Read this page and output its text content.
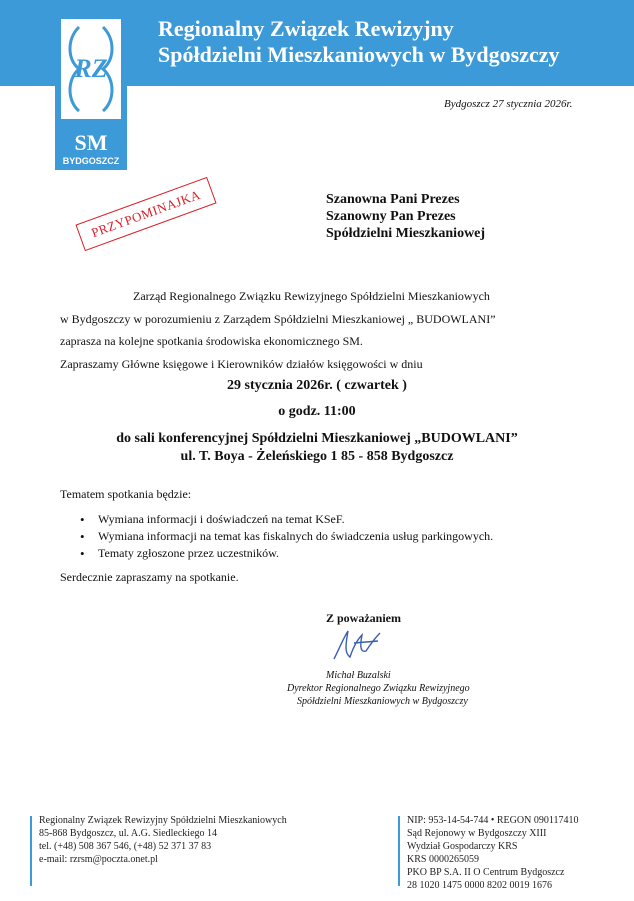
RZ
SM
BYDGOSZCZ
Regionalny Związek Rewizyjny
Spółdzielni Mieszkaniowych w Bydgoszczy
Bydgoszcz 27 stycznia 2026r.
PRZYPOMINAJKA	Szanowna Pani Prezes
Szanowny Pan Prezes
Spółdzielni Mieszkaniowej
Zarząd Regionalnego Związku Rewizyjnego Spółdzielni Mieszkaniowych
w Bydgoszczy w porozumieniu z Zarządem Spółdzielni Mieszkaniowej „ BUDOWLANI”
zaprasza na kolejne spotkania środowiska ekonomicznego SM.
Zapraszamy Główne księgowe i Kierowników działów księgowości w dniu
29 stycznia 2026r. ( czwartek )
o godz. 11:00
do sali konferencyjnej Spółdzielni Mieszkaniowej „BUDOWLANI”
ul. T. Boya - Żeleńskiego 1 85 - 858 Bydgoszcz
Tematem spotkania będzie:
• Wymiana informacji i doświadczeń na temat KSeF.
• Wymiana informacji na temat kas fiskalnych do świadczenia usług parkingowych.
• Tematy zgłoszone przez uczestników.
Serdecznie zapraszamy na spotkanie.
Z poważaniem
Michał Buzalski
Dyrektor Regionalnego Związku Rewizyjnego
Spółdzielni Mieszkaniowych w Bydgoszczy
Regionalny Związek Rewizyjny Spółdzielni Mieszkaniowych
85-868 Bydgoszcz, ul. A.G. Siedleckiego 14
tel. (+48) 508 367 546, (+48) 52 371 37 83
e-mail: rzrsm@poczta.onet.pl
NIP: 953-14-54-744 • REGON 090117410
Sąd Rejonowy w Bydgoszczy XIII
Wydział Gospodarczy KRS
KRS 0000265059
PKO BP S.A. II O Centrum Bydgoszcz
28 1020 1475 0000 8202 0019 1676
